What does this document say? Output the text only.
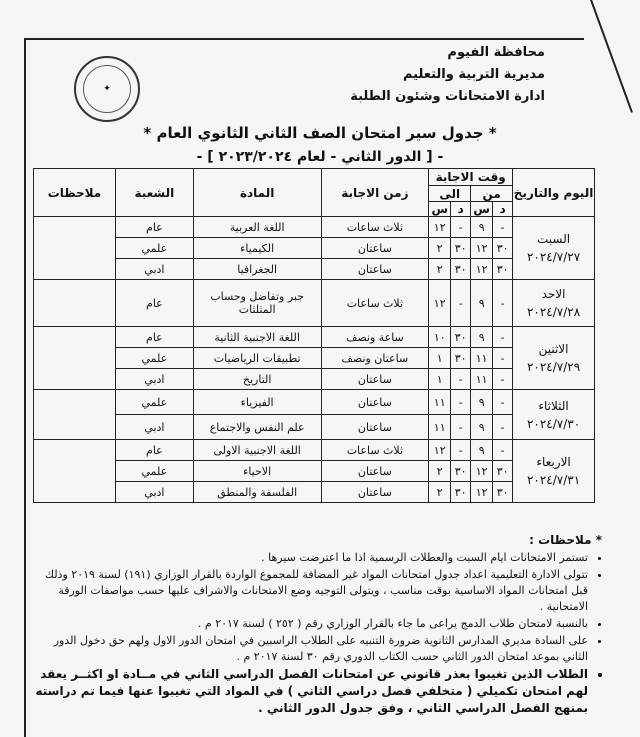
محافظة الفيوم
مديرية التربية والتعليم
ادارة الامتحانات وشئون الطلبة
✦
* جدول سير امتحان الصف الثاني الثانوي العام *
- [ الدور الثاني - لعام ٢٠٢٣/٢٠٢٤ ] -
اليوم والتاريخ	وقت الاجابة				زمن الاجابة	المادة	الشعبة	ملاحظات
	من		الى					
	د	س	د	س				

السبت
٢٠٢٤/٧/٢٧	-	٩	-	١٢	ثلاث ساعات	اللغة العربية	عام	
	٣٠	١٢	٣٠	٢	ساعتان	الكيمياء	علمي	
	٣٠	١٢	٣٠	٢	ساعتان	الجغرافيا	ادبي	

الاحد
٢٠٢٤/٧/٢٨	-	٩	-	١٢	ثلاث ساعات	جبر وتفاضل وحساب المثلثات	عام	

الاثنين
٢٠٢٤/٧/٢٩	-	٩	٣٠	١٠	ساعة ونصف	اللغة الاجنبية الثانية	عام	
	-	١١	٣٠	١	ساعتان ونصف	تطبيقات الرياضيات	علمي	
	-	١١	-	١	ساعتان	التاريخ	ادبي	

الثلاثاء
٢٠٢٤/٧/٣٠	-	٩	-	١١	ساعتان	الفيزياء	علمي	
	-	٩	-	١١	ساعتان	علم النفس والاجتماع	ادبي	

الاربعاء
٢٠٢٤/٧/٣١	-	٩	-	١٢	ثلاث ساعات	اللغة الاجنبية الاولى	عام	
	٣٠	١٢	٣٠	٢	ساعتان	الاحياء	علمي	
	٣٠	١٢	٣٠	٢	ساعتان	الفلسفة والمنطق	ادبي	
* ملاحظات :
• تستمر الامتحانات ايام السبت والعطلات الرسمية اذا ما اعترضت سيرها .
• تتولى الادارة التعليمية اعداد جدول امتحانات المواد غير المضافة للمجموع الواردة بالقرار الوزاري (١٩١) لسنة ٢٠١٩ وذلك قبل امتحانات المواد الاساسية بوقت مناسب ، ويتولى التوجيه وضع الامتحانات والاشراف عليها حسب مواصفات الورقة الامتحانية .
• بالنسبة لامتحان طلاب الدمج يراعى ما جاء بالقرار الوزاري رقم ( ٢٥٢ ) لسنة ٢٠١٧ م .
• على السادة مديري المدارس الثانوية ضرورة التنبيه على الطلاب الراسبين في امتحان الدور الاول ولهم حق دخول الدور الثاني بموعد امتحان الدور الثاني حسب الكتاب الدوري رقم ٣٠ لسنة ٢٠١٧ م .
• الطلاب الذين تغيبوا بعذر قانوني عن امتحانات الفصل الدراسي الثاني في مــادة او اكثــر يعقد لهم امتحان تكميلي ( متخلفي فصل دراسي الثاني ) في المواد التي تغيبوا عنها فيما تم دراسته بمنهج الفصل الدراسي الثاني ، وفق جدول الدور الثاني .
